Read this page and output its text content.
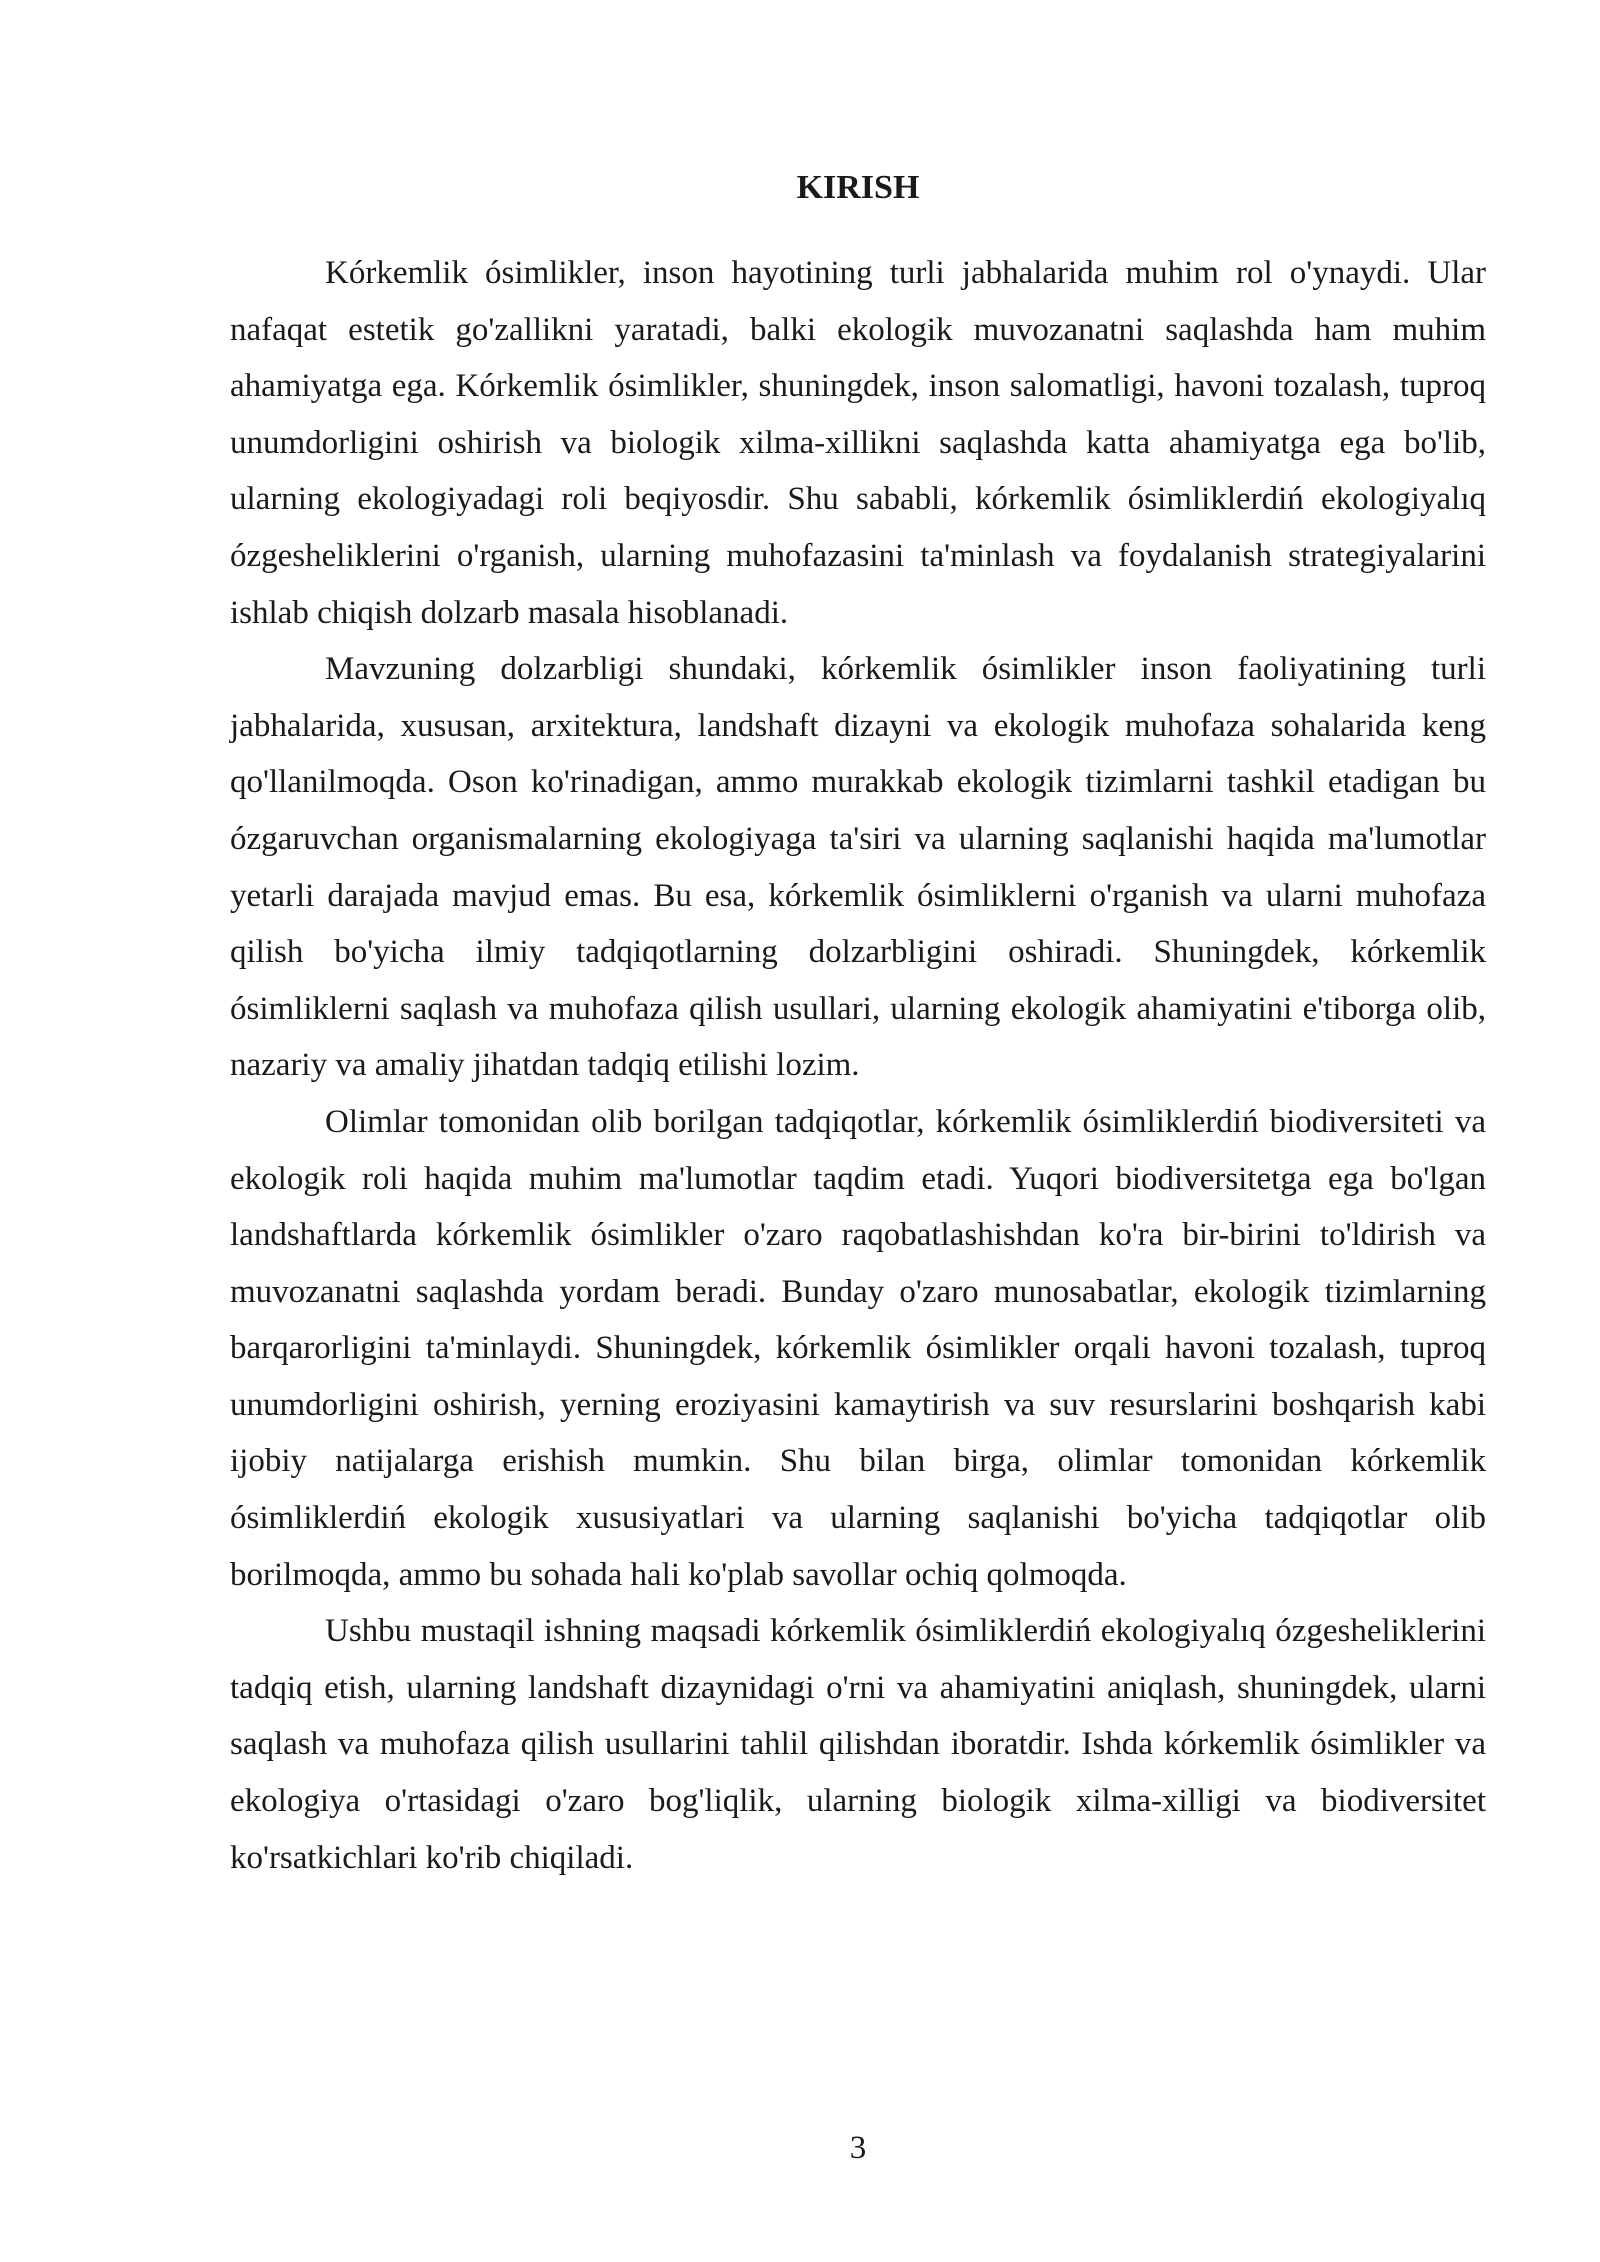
KIRISH

Kórkemlik ósimlikler, inson hayotining turli jabhalarida muhim rol o'ynaydi. Ular nafaqat estetik go'zallikni yaratadi, balki ekologik muvozanatni saqlashda ham muhim ahamiyatga ega. Kórkemlik ósimlikler, shuningdek, inson salomatligi, havoni tozalash, tuproq unumdorligini oshirish va biologik xilma-xillikni saqlashda katta ahamiyatga ega bo'lib, ularning ekologiyadagi roli beqiyosdir. Shu sababli, kórkemlik ósimliklerdiń ekologiyalıq ózgesheliklerini o'rganish, ularning muhofazasini ta'minlash va foydalanish strategiyalarini ishlab chiqish dolzarb masala hisoblanadi.

Mavzuning dolzarbligi shundaki, kórkemlik ósimlikler inson faoliyatining turli jabhalarida, xususan, arxitektura, landshaft dizayni va ekologik muhofaza sohalarida keng qo'llanilmoqda. Oson ko'rinadigan, ammo murakkab ekologik tizimlarni tashkil etadigan bu ózgaruvchan organismalarning ekologiyaga ta'siri va ularning saqlanishi haqida ma'lumotlar yetarli darajada mavjud emas. Bu esa, kórkemlik ósimliklerni o'rganish va ularni muhofaza qilish bo'yicha ilmiy tadqiqotlarning dolzarbligini oshiradi. Shuningdek, kórkemlik ósimliklerni saqlash va muhofaza qilish usullari, ularning ekologik ahamiyatini e'tiborga olib, nazariy va amaliy jihatdan tadqiq etilishi lozim.

Olimlar tomonidan olib borilgan tadqiqotlar, kórkemlik ósimliklerdiń biodiversiteti va ekologik roli haqida muhim ma'lumotlar taqdim etadi. Yuqori biodiversitetga ega bo'lgan landshaftlarda kórkemlik ósimlikler o'zaro raqobatlashishdan ko'ra bir-birini to'ldirish va muvozanatni saqlashda yordam beradi. Bunday o'zaro munosabatlar, ekologik tizimlarning barqarorligini ta'minlaydi. Shuningdek, kórkemlik ósimlikler orqali havoni tozalash, tuproq unumdorligini oshirish, yerning eroziyasini kamaytirish va suv resurslarini boshqarish kabi ijobiy natijalarga erishish mumkin. Shu bilan birga, olimlar tomonidan kórkemlik ósimliklerdiń ekologik xususiyatlari va ularning saqlanishi bo'yicha tadqiqotlar olib borilmoqda, ammo bu sohada hali ko'plab savollar ochiq qolmoqda.

Ushbu mustaqil ishning maqsadi kórkemlik ósimliklerdiń ekologiyalıq ózgesheliklerini tadqiq etish, ularning landshaft dizaynidagi o'rni va ahamiyatini aniqlash, shuningdek, ularni saqlash va muhofaza qilish usullarini tahlil qilishdan iboratdir. Ishda kórkemlik ósimlikler va ekologiya o'rtasidagi o'zaro bog'liqlik, ularning biologik xilma-xilligi va biodiversitet ko'rsatkichlari ko'rib chiqiladi.

3
